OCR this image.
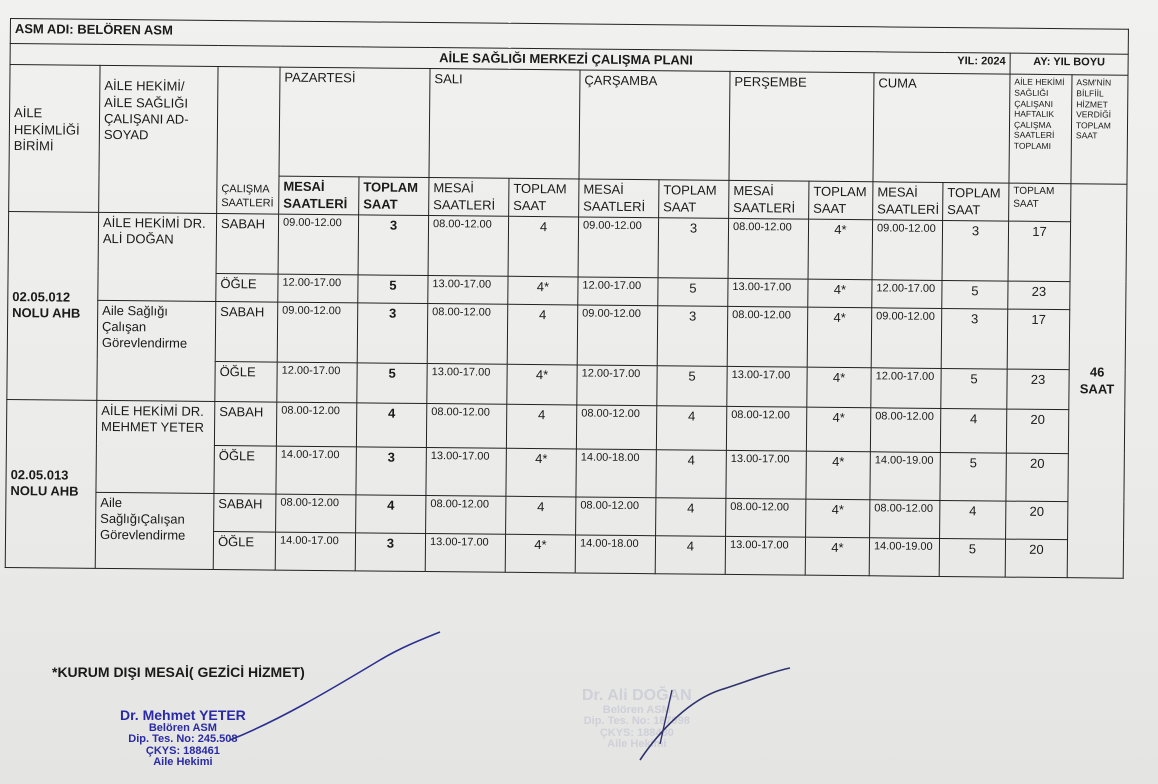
ASM ADI: BELÖREN ASM														
AİLE SAĞLIĞI MERKEZİ ÇALIŞMA PLANI YIL: 2024													AY: YIL BOYU	
AİLE HEKİMLİĞİ BİRİMİ	AİLE HEKİMİ/ AİLE SAĞLIĞI ÇALIŞANI AD-SOYAD	ÇALIŞMA SAATLERİ	PAZARTESİ		SALI		ÇARŞAMBA		PERŞEMBE		CUMA		AİLE HEKİMİ SAĞLIĞI ÇALIŞANI HAFTALIK ÇALIŞMA SAATLERİ TOPLAMI	ASM'NİN BİLFİİL HİZMET VERDİĞİ TOPLAM SAAT
			MESAİ SAATLERİ	TOPLAM SAAT	MESAİ SAATLERİ	TOPLAM SAAT	MESAİ SAATLERİ	TOPLAM SAAT	MESAİ SAATLERİ	TOPLAM SAAT	MESAİ SAATLERİ	TOPLAM SAAT	TOPLAM SAAT	46 SAAT
02.05.012 NOLU AHB	AİLE HEKİMİ DR. ALİ DOĞAN	SABAH	09.00-12.00	3	08.00-12.00	4	09.00-12.00	3	08.00-12.00	4*	09.00-12.00	3	17	
		ÖĞLE	12.00-17.00	5	13.00-17.00	4*	12.00-17.00	5	13.00-17.00	4*	12.00-17.00	5	23	
	Aile Sağlığı Çalışan Görevlendirme	SABAH	09.00-12.00	3	08.00-12.00	4	09.00-12.00	3	08.00-12.00	4*	09.00-12.00	3	17	
		ÖĞLE	12.00-17.00	5	13.00-17.00	4*	12.00-17.00	5	13.00-17.00	4*	12.00-17.00	5	23	
02.05.013 NOLU AHB	AİLE HEKİMİ DR. MEHMET YETER	SABAH	08.00-12.00	4	08.00-12.00	4	08.00-12.00	4	08.00-12.00	4*	08.00-12.00	4	20	
		ÖĞLE	14.00-17.00	3	13.00-17.00	4*	14.00-18.00	4	13.00-17.00	4*	14.00-19.00	5	20	
	Aile SağlığıÇalışan Görevlendirme	SABAH	08.00-12.00	4	08.00-12.00	4	08.00-12.00	4	08.00-12.00	4*	08.00-12.00	4	20	
		ÖĞLE	14.00-17.00	3	13.00-17.00	4*	14.00-18.00	4	13.00-17.00	4*	14.00-19.00	5	20	
*KURUM DIŞI MESAİ( GEZİCİ HİZMET)
Dr. Mehmet YETER
Belören ASM
Dip. Tes. No: 245.508
ÇKYS: 188461
Aile Hekimi
Dr. Ali DOĞAN
Belören ASM
Dip. Tes. No: 187998
ÇKYS: 188480
Aile Hekimi
